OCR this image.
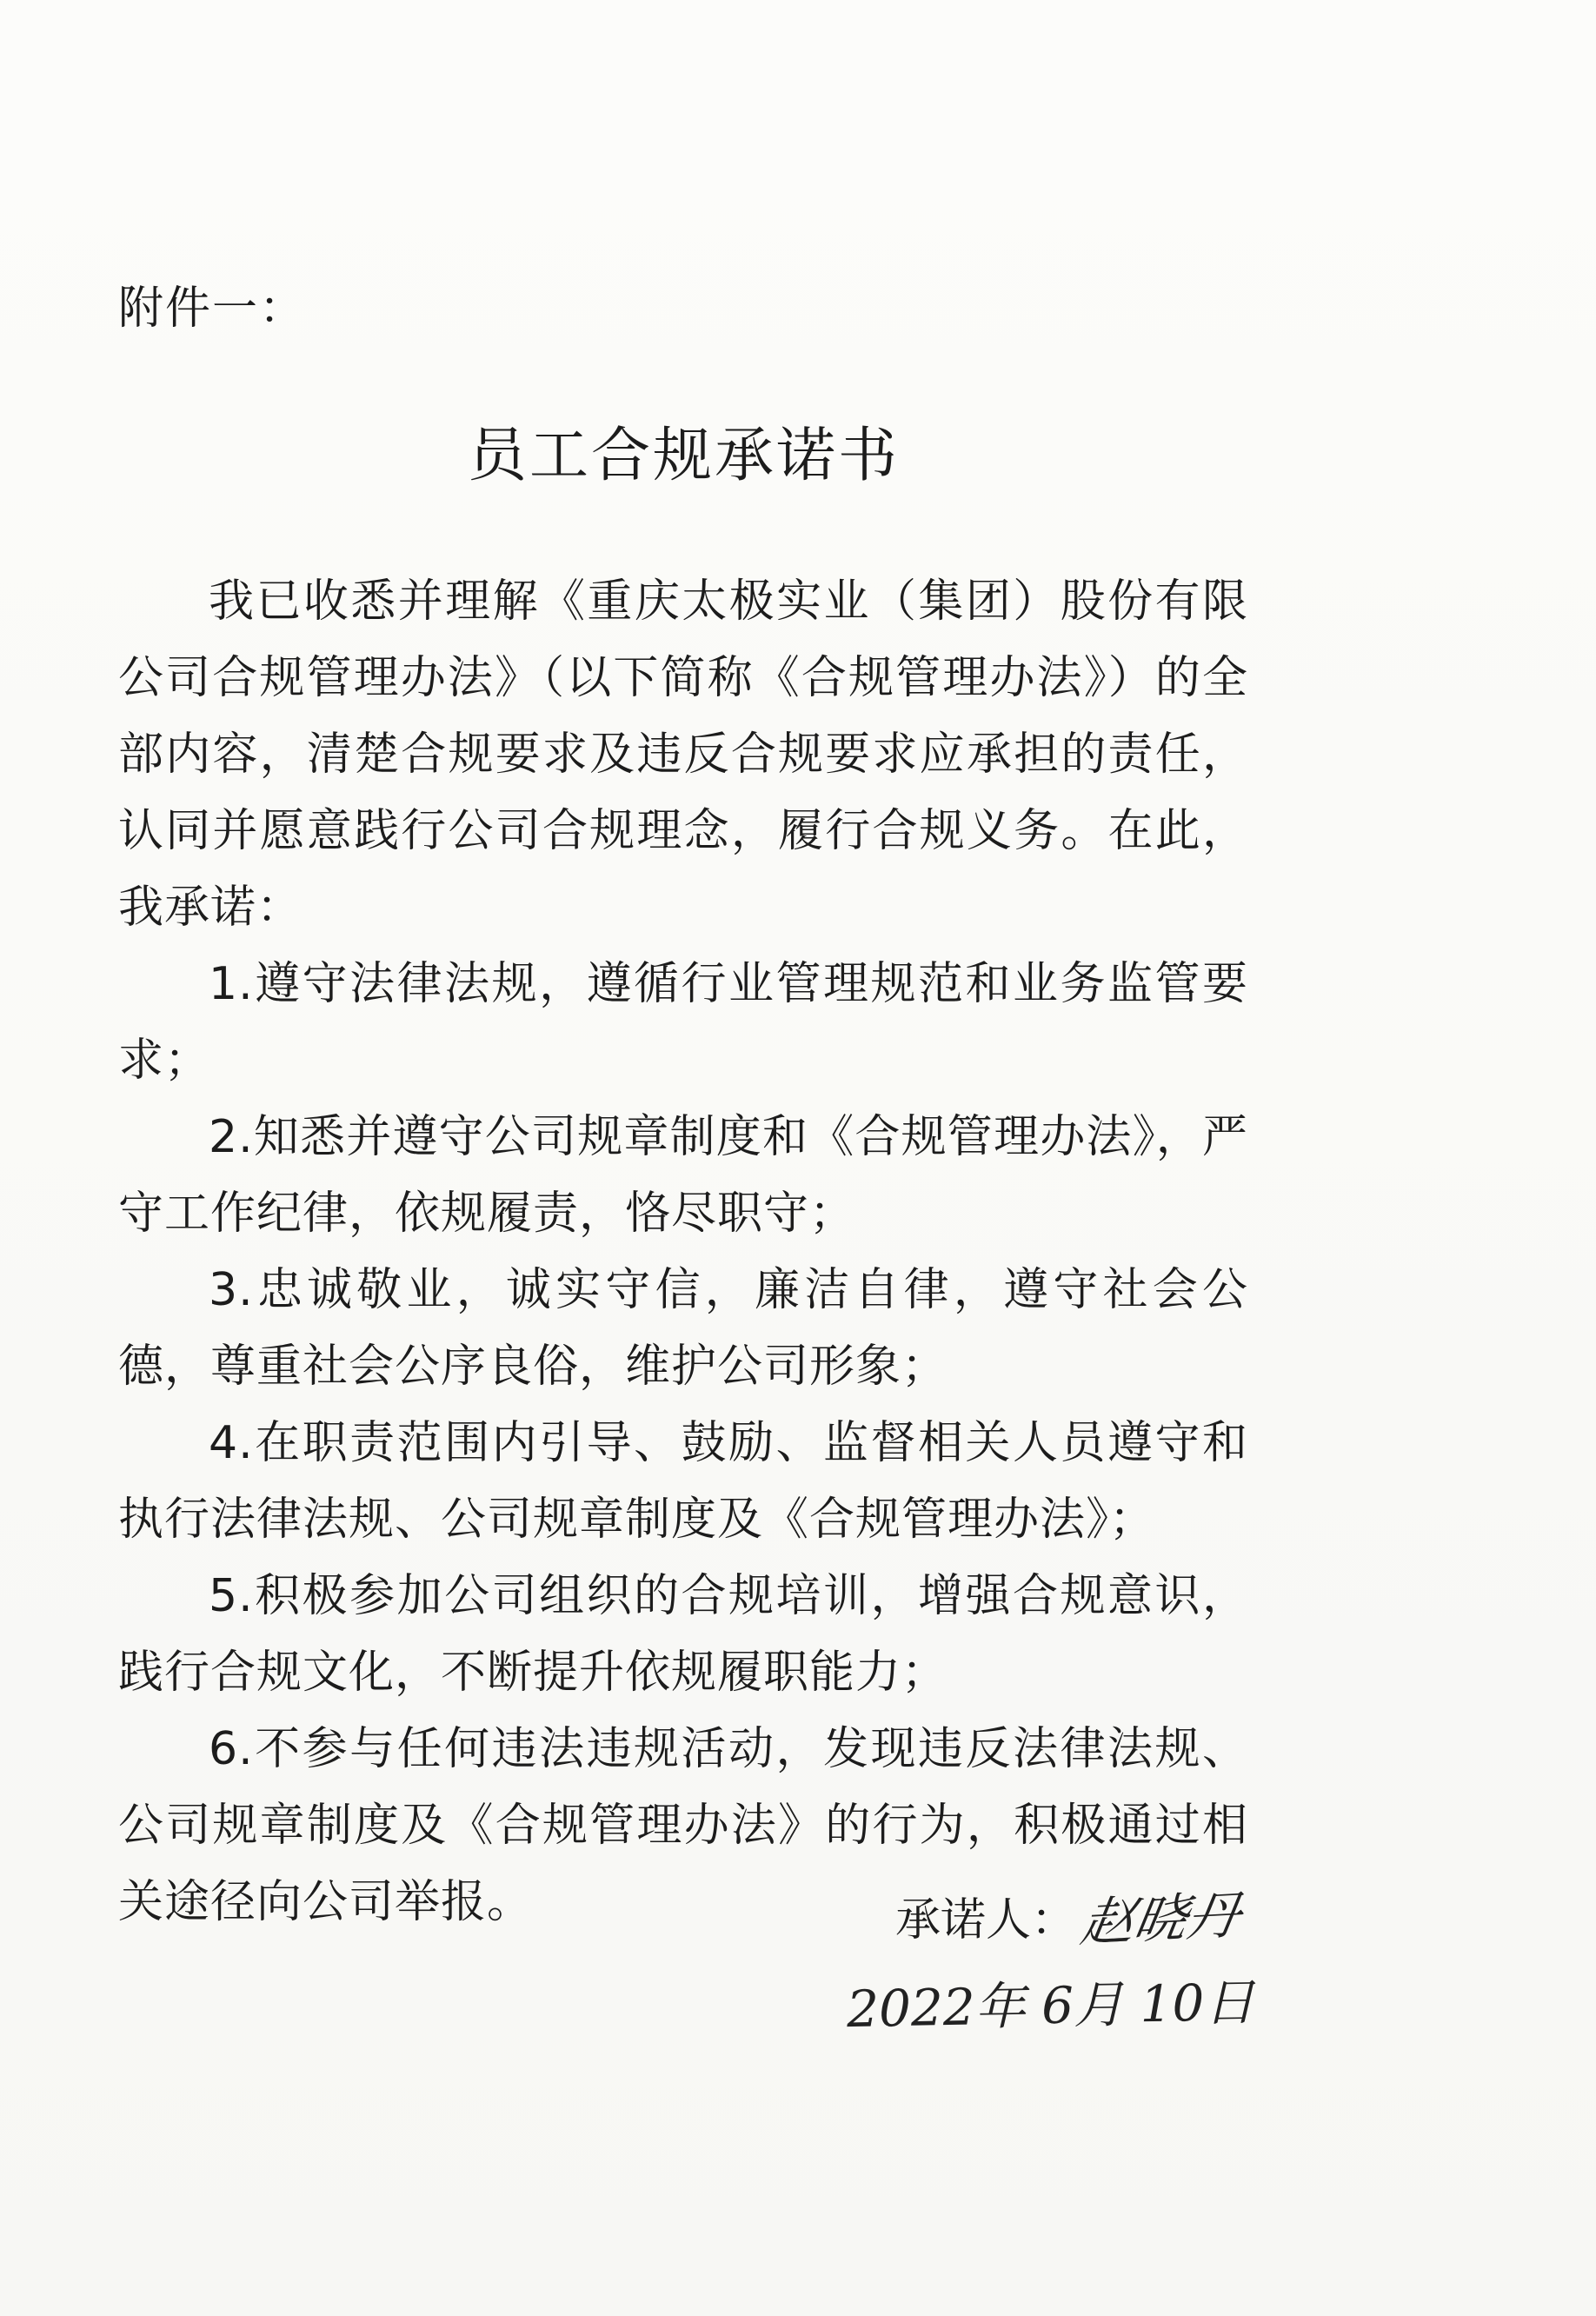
附件一：
员工合规承诺书

我已收悉并理解《重庆太极实业（集团）股份有限公司合规管理办法》（以下简称《合规管理办法》）的全部内容，清楚合规要求及违反合规要求应承担的责任，认同并愿意践行公司合规理念，履行合规义务。在此，我承诺：

1.遵守法律法规，遵循行业管理规范和业务监管要求；

2.知悉并遵守公司规章制度和《合规管理办法》，严守工作纪律，依规履责，恪尽职守；

3.忠诚敬业，诚实守信，廉洁自律，遵守社会公德，尊重社会公序良俗，维护公司形象；

4.在职责范围内引导、鼓励、监督相关人员遵守和执行法律法规、公司规章制度及《合规管理办法》；

5.积极参加公司组织的合规培训，增强合规意识，践行合规文化，不断提升依规履职能力；

6.不参与任何违法违规活动，发现违反法律法规、公司规章制度及《合规管理办法》的行为，积极通过相关途径向公司举报。	承诺人：赵晓丹
2022年 6月 10日
